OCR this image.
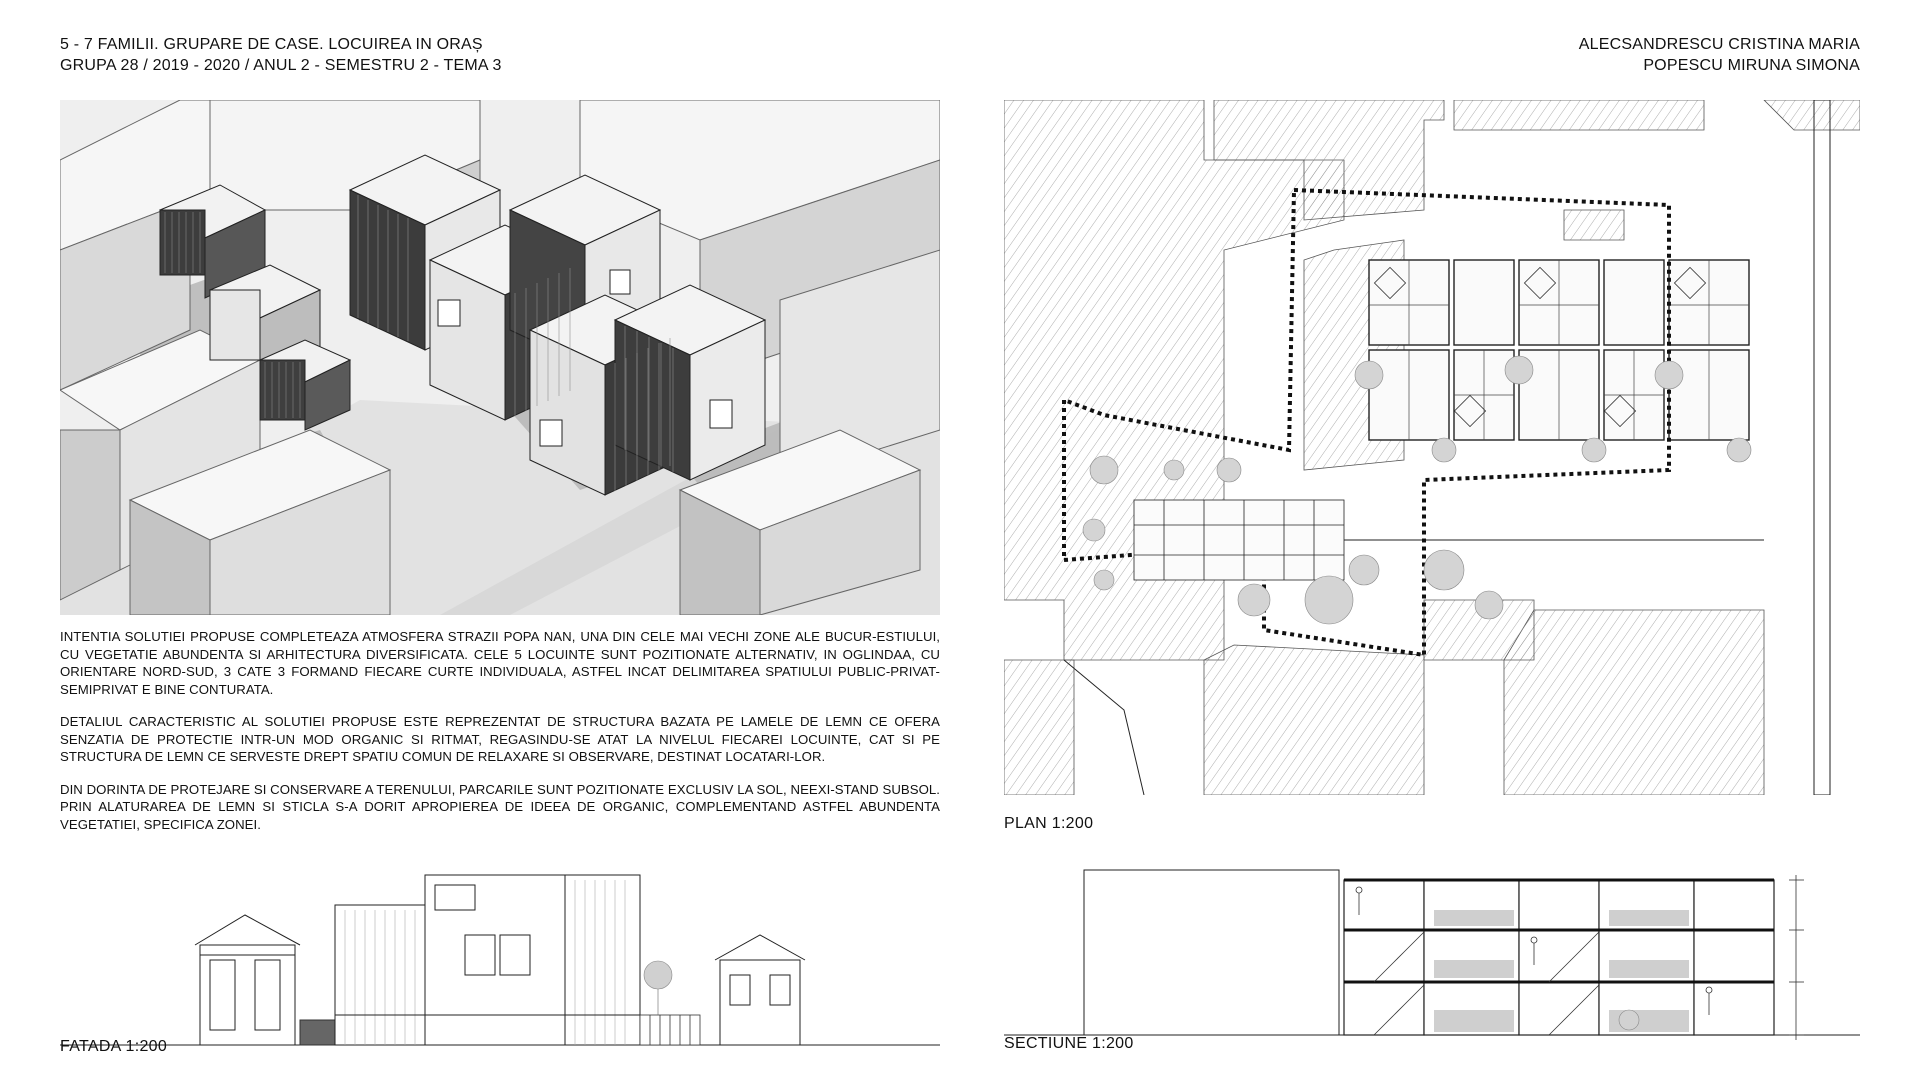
5 - 7 FAMILII. GRUPARE DE CASE. LOCUIREA IN ORAȘ
GRUPA 28 / 2019 - 2020 / ANUL 2 - SEMESTRU 2 - TEMA 3
ALECSANDRESCU CRISTINA MARIA
POPESCU MIRUNA SIMONA

INTENTIA SOLUTIEI PROPUSE COMPLETEAZA ATMOSFERA STRAZII POPA NAN, UNA DIN CELE MAI VECHI ZONE ALE BUCUR-ESTIULUI, CU VEGETATIE ABUNDENTA SI ARHITECTURA DIVERSIFICATA. CELE 5 LOCUINTE SUNT POZITIONATE ALTERNATIV, IN OGLINDAA, CU ORIENTARE NORD-SUD, 3 CATE 3 FORMAND FIECARE CURTE INDIVIDUALA, ASTFEL INCAT DELIMITAREA SPATIULUI PUBLIC-PRIVAT-SEMIPRIVAT E BINE CONTURATA.

DETALIUL CARACTERISTIC AL SOLUTIEI PROPUSE ESTE REPREZENTAT DE STRUCTURA BAZATA PE LAMELE DE LEMN CE OFERA SENZATIA DE PROTECTIE INTR-UN MOD ORGANIC SI RITMAT, REGASINDU-SE ATAT LA NIVELUL FIECAREI LOCUINTE, CAT SI PE STRUCTURA DE LEMN CE SERVESTE DREPT SPATIU COMUN DE RELAXARE SI OBSERVARE, DESTINAT LOCATARI-LOR.

DIN DORINTA DE PROTEJARE SI CONSERVARE A TERENULUI, PARCARILE SUNT POZITIONATE EXCLUSIV LA SOL, NEEXI-STAND SUBSOL. PRIN ALATURAREA DE LEMN SI STICLA S-A DORIT APROPIEREA DE IDEEA DE ORGANIC, COMPLEMENTAND ASTFEL ABUNDENTA VEGETATIEI, SPECIFICA ZONEI.	PLAN 1:200
FATADA 1:200	SECTIUNE 1:200
